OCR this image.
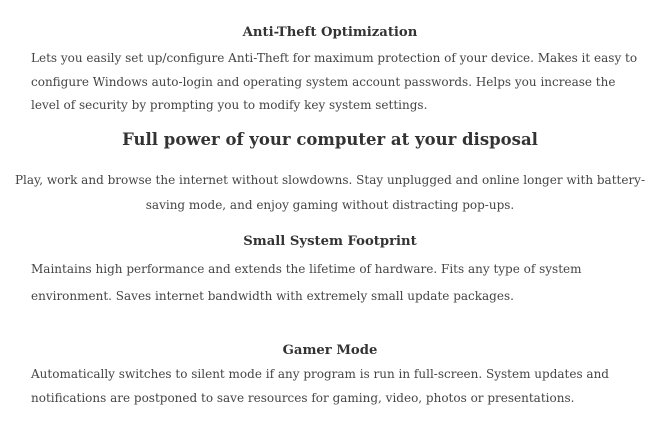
Anti-Theft Optimization

Lets you easily set up/configure Anti-Theft for maximum protection of your device. Makes it easy to configure Windows auto-login and operating system account passwords. Helps you increase the level of security by prompting you to modify key system settings.

Full power of your computer at your disposal

Play, work and browse the internet without slowdowns. Stay unplugged and online longer with battery-saving mode, and enjoy gaming without distracting pop-ups.

Small System Footprint

Maintains high performance and extends the lifetime of hardware. Fits any type of system environment. Saves internet bandwidth with extremely small update packages.

Gamer Mode

Automatically switches to silent mode if any program is run in full-screen. System updates and notifications are postponed to save resources for gaming, video, photos or presentations.
